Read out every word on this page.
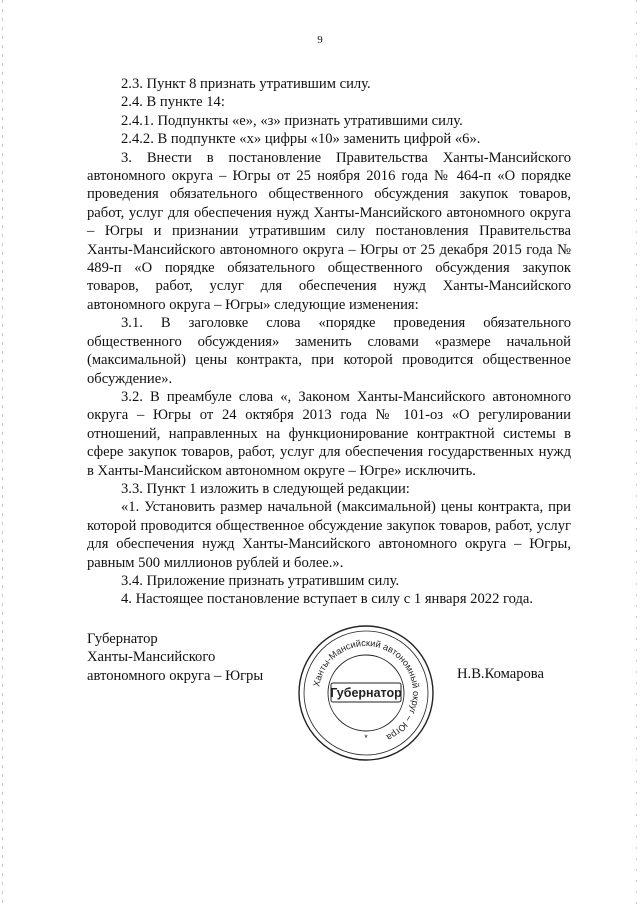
9

2.3. Пункт 8 признать утратившим силу.

2.4. В пункте 14:

2.4.1. Подпункты «е», «з» признать утратившими силу.

2.4.2. В подпункте «х» цифры «10» заменить цифрой «6».

3. Внести в постановление Правительства Ханты-Мансийского автономного округа – Югры от 25 ноября 2016 года № 464-п «О порядке проведения обязательного общественного обсуждения закупок товаров, работ, услуг для обеспечения нужд Ханты-Мансийского автономного округа – Югры и признании утратившим силу постановления Правительства Ханты-Мансийского автономного округа – Югры от 25 декабря 2015 года № 489-п «О порядке обязательного общественного обсуждения закупок товаров, работ, услуг для обеспечения нужд Ханты-Мансийского автономного округа – Югры» следующие изменения:

3.1. В заголовке слова «порядке проведения обязательного общественного обсуждения» заменить словами «размере начальной (максимальной) цены контракта, при которой проводится общественное обсуждение».

3.2. В преамбуле слова «, Законом Ханты-Мансийского автономного округа – Югры от 24 октября 2013 года № 101-оз «О регулировании отношений, направленных на функционирование контрактной системы в сфере закупок товаров, работ, услуг для обеспечения государственных нужд в Ханты-Мансийском автономном округе – Югре» исключить.

3.3. Пункт 1 изложить в следующей редакции:

«1. Установить размер начальной (максимальной) цены контракта, при которой проводится общественное обсуждение закупок товаров, работ, услуг для обеспечения нужд Ханты-Мансийского автономного округа – Югры, равным 500 миллионов рублей и более.».

3.4. Приложение признать утратившим силу.

4. Настоящее постановление вступает в силу с 1 января 2022 года.

Губернатор
Ханты-Мансийского
автономного округа – Югры	Ханты-Мансийский автономный округ – Югра
Губернатор
*
Н.В.Комарова
